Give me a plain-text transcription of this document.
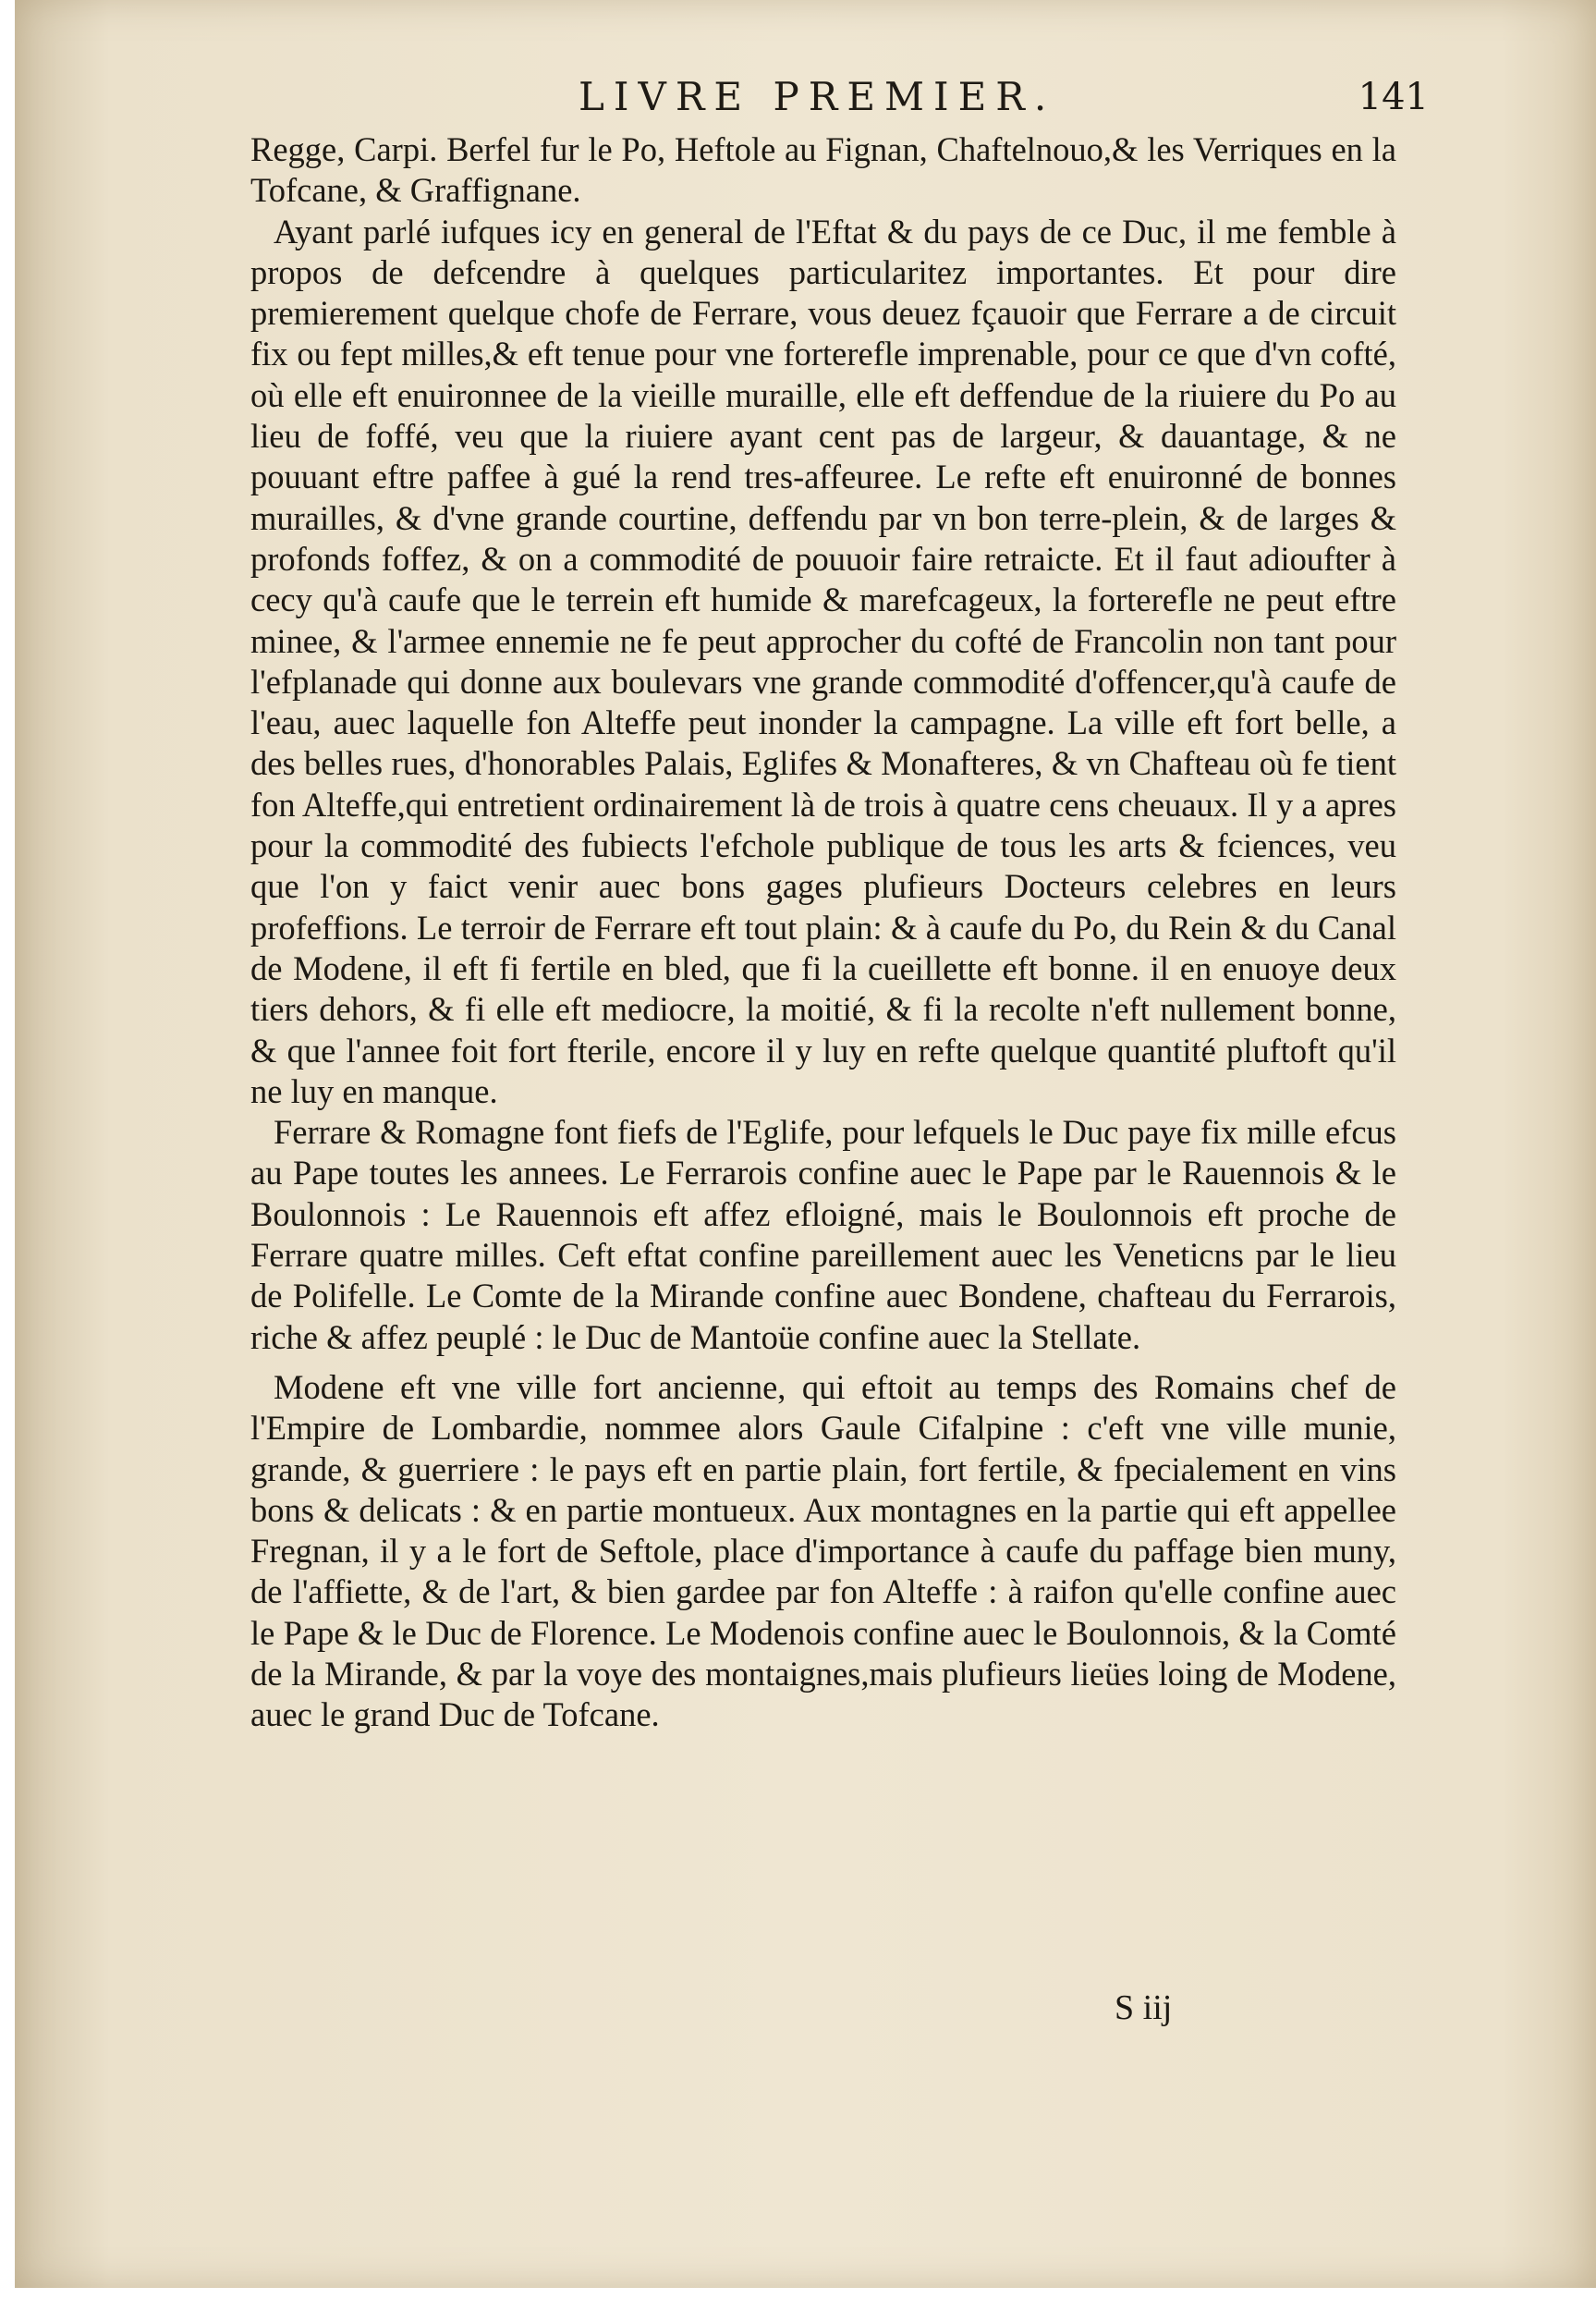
LIVRE PREMIER.	141

Regge, Carpi. Berfel fur le Po, Heftole au Fignan, Chaftelnouo,& les Verriques en la Tofcane, & Graffignane.

Ayant parlé iufques icy en general de l'Eftat & du pays de ce Duc, il me femble à propos de defcendre à quelques particularitez importantes. Et pour dire premierement quelque chofe de Ferrare, vous deuez fçauoir que Ferrare a de circuit fix ou fept milles,& eft tenue pour vne forterefle imprenable, pour ce que d'vn cofté, où elle eft enuironnee de la vieille muraille, elle eft deffendue de la riuiere du Po au lieu de foffé, veu que la riuiere ayant cent pas de largeur, & dauantage, & ne pouuant eftre paffee à gué la rend tres-affeuree. Le refte eft enuironné de bonnes murailles, & d'vne grande courtine, deffendu par vn bon terre-plein, & de larges & profonds foffez, & on a commodité de pouuoir faire retraicte. Et il faut adioufter à cecy qu'à caufe que le terrein eft humide & marefcageux, la forterefle ne peut eftre minee, & l'armee ennemie ne fe peut approcher du cofté de Francolin non tant pour l'efplanade qui donne aux boulevars vne grande commodité d'offencer,qu'à caufe de l'eau, auec laquelle fon Alteffe peut inonder la campagne. La ville eft fort belle, a des belles rues, d'honorables Palais, Eglifes & Monafteres, & vn Chafteau où fe tient fon Alteffe,qui entretient ordinairement là de trois à quatre cens cheuaux. Il y a apres pour la commodité des fubiects l'efchole publique de tous les arts & fciences, veu que l'on y faict venir auec bons gages plufieurs Docteurs celebres en leurs profeffions. Le terroir de Ferrare eft tout plain: & à caufe du Po, du Rein & du Canal de Modene, il eft fi fertile en bled, que fi la cueillette eft bonne. il en enuoye deux tiers dehors, & fi elle eft mediocre, la moitié, & fi la recolte n'eft nullement bonne, & que l'annee foit fort fterile, encore il y luy en refte quelque quantité pluftoft qu'il ne luy en manque.

Ferrare & Romagne font fiefs de l'Eglife, pour lefquels le Duc paye fix mille efcus au Pape toutes les annees. Le Ferrarois confine auec le Pape par le Rauennois & le Boulonnois : Le Rauennois eft affez efloigné, mais le Boulonnois eft proche de Ferrare quatre milles. Ceft eftat confine pareillement auec les Veneticns par le lieu de Polifelle. Le Comte de la Mirande confine auec Bondene, chafteau du Ferrarois, riche & affez peuplé : le Duc de Mantoüe confine auec la Stellate.

Modene eft vne ville fort ancienne, qui eftoit au temps des Romains chef de l'Empire de Lombardie, nommee alors Gaule Cifalpine : c'eft vne ville munie, grande, & guerriere : le pays eft en partie plain, fort fertile, & fpecialement en vins bons & delicats : & en partie montueux. Aux montagnes en la partie qui eft appellee Fregnan, il y a le fort de Seftole, place d'importance à caufe du paffage bien muny, de l'affiette, & de l'art, & bien gardee par fon Alteffe : à raifon qu'elle confine auec le Pape & le Duc de Florence. Le Modenois confine auec le Boulonnois, & la Comté de la Mirande, & par la voye des montaignes,mais plufieurs lieües loing de Modene, auec le grand Duc de Tofcane.

S iij
